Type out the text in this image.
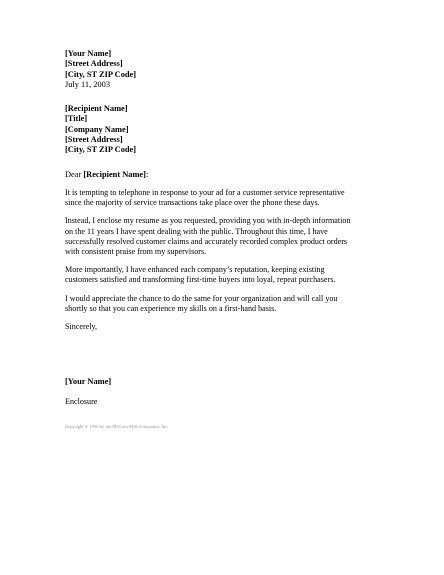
[Your Name]
[Street Address]
[City, ST ZIP Code]
July 11, 2003
[Recipient Name]
[Title]
[Company Name]
[Street Address]
[City, ST ZIP Code]
Dear [Recipient Name]:
It is tempting to telephone in response to your ad for a customer service representative
since the majority of service transactions take place over the phone these days.
Instead, I enclose my resume as you requested, providing you with in-depth information
on the 11 years I have spent dealing with the public. Throughout this time, I have
successfully resolved customer claims and accurately recorded complex product orders
with consistent praise from my supervisors.
More importantly, I have enhanced each company’s reputation, keeping existing
customers satisfied and transforming first-time buyers into loyal, repeat purchasers.
I would appreciate the chance to do the same for your organization and will call you
shortly so that you can experience my skills on a first-hand basis.
Sincerely,
[Your Name]
Enclosure
Copyright © 1996 by the McGraw-Hill Companies, Inc.
